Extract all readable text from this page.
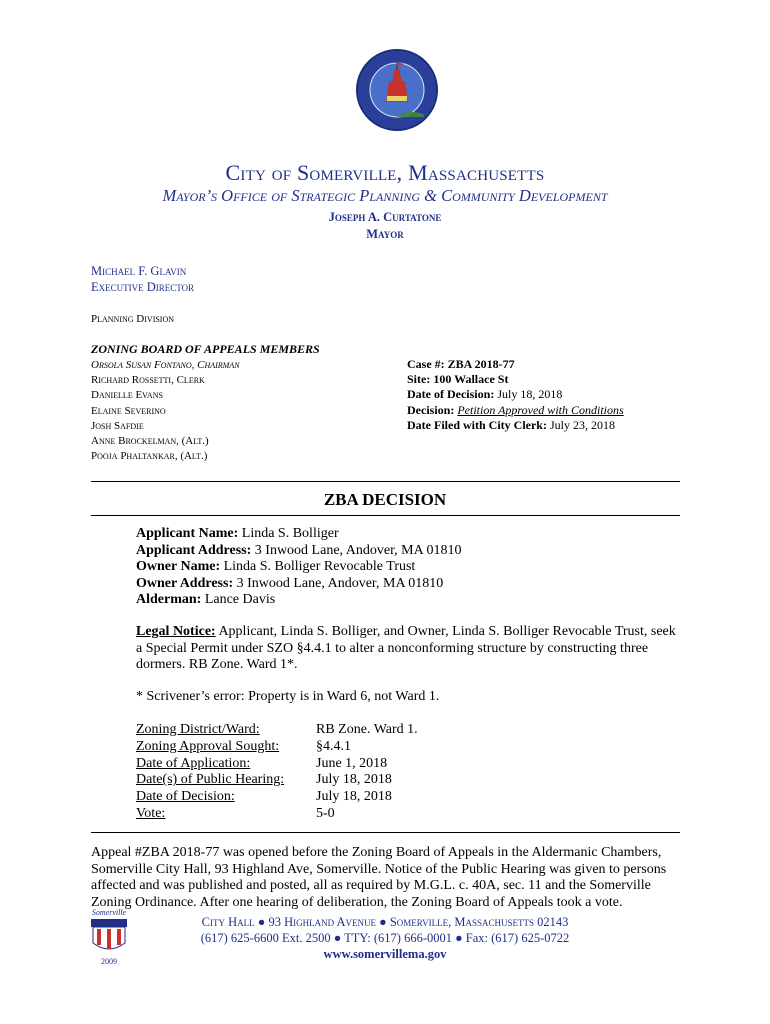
City of Somerville, Massachusetts
Mayor’s Office of Strategic Planning & Community Development
Joseph A. Curtatone
Mayor
Michael F. Glavin
Executive Director
Planning Division
ZONING BOARD OF APPEALS MEMBERS
Orsola Susan Fontano, Chairman
Richard Rossetti, Clerk
Danielle Evans
Elaine Severino
Josh Safdie
Anne Brockelman, (Alt.)
Pooja Phaltankar, (Alt.)
Case #: ZBA 2018-77
Site: 100 Wallace St
Date of Decision: July 18, 2018
Decision: Petition Approved with Conditions
Date Filed with City Clerk: July 23, 2018
ZBA DECISION
Applicant Name: Linda S. Bolliger
Applicant Address: 3 Inwood Lane, Andover, MA 01810
Owner Name: Linda S. Bolliger Revocable Trust
Owner Address: 3 Inwood Lane, Andover, MA 01810
Alderman: Lance Davis
Legal Notice: Applicant, Linda S. Bolliger, and Owner, Linda S. Bolliger Revocable Trust, seek a Special Permit under SZO §4.4.1 to alter a nonconforming structure by constructing three dormers. RB Zone. Ward 1*.
* Scrivener’s error: Property is in Ward 6, not Ward 1.
Zoning District/Ward:
Zoning Approval Sought:
Date of Application:
Date(s) of Public Hearing:
Date of Decision:
Vote:
RB Zone. Ward 1.
§4.4.1
June 1, 2018
July 18, 2018
July 18, 2018
5-0
Appeal #ZBA 2018-77 was opened before the Zoning Board of Appeals in the Aldermanic Chambers, Somerville City Hall, 93 Highland Ave, Somerville. Notice of the Public Hearing was given to persons affected and was published and posted, all as required by M.G.L. c. 40A, sec. 11 and the Somerville Zoning Ordinance. After one hearing of deliberation, the Zoning Board of Appeals took a vote.
Somerville
2009
City Hall ● 93 Highland Avenue ● Somerville, Massachusetts 02143
(617) 625-6600 Ext. 2500 ● TTY: (617) 666-0001 ● Fax: (617) 625-0722
www.somervillema.gov
